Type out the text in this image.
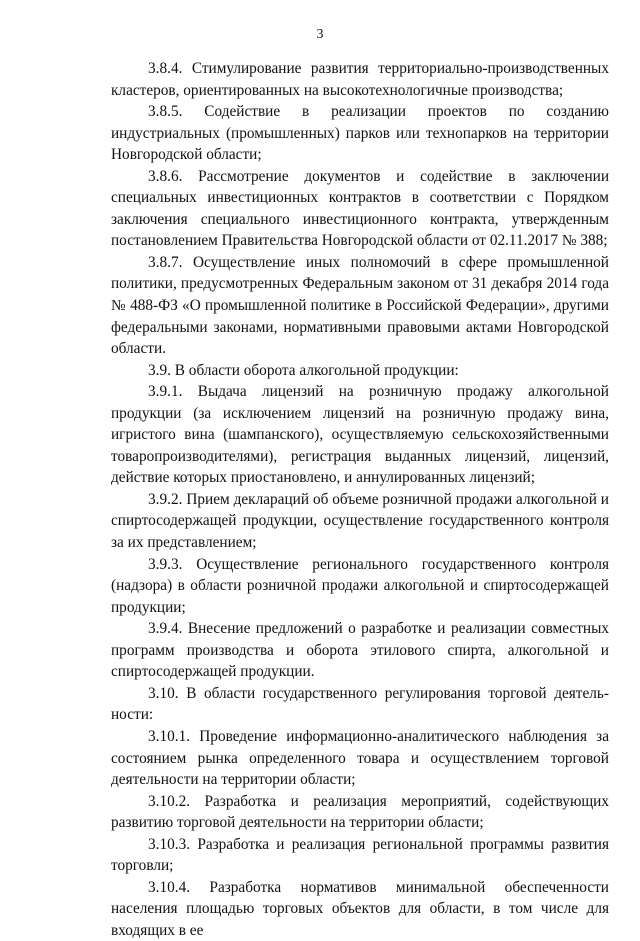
3

3.8.4. Стимулирование развития территориально-производственных кластеров, ориентированных на высокотехнологичные производства;

3.8.5. Содействие в реализации проектов по созданию индустриальных (промышленных) парков или технопарков на территории Новгородской области;

3.8.6. Рассмотрение документов и содействие в заключении специальных инвестиционных контрактов в соответствии с Порядком заключения специального инвестиционного контракта, утвержденным постановлением Правительства Новгородской области от 02.11.2017 № 388;

3.8.7. Осуществление иных полномочий в сфере промышленной политики, предусмотренных Федеральным законом от 31 декабря 2014 года № 488-ФЗ «О промышленной политике в Российской Федерации», другими федеральными законами, нормативными правовыми актами Новгородской области.

3.9. В области оборота алкогольной продукции:

3.9.1. Выдача лицензий на розничную продажу алкогольной продукции (за исключением лицензий на розничную продажу вина, игристого вина (шампанского), осуществляемую сельскохозяйственными товаропроизводителями), регистрация выданных лицензий, лицензий, действие которых приостановлено, и аннулированных лицензий;

3.9.2. Прием деклараций об объеме розничной продажи алкогольной и спиртосодержащей продукции, осуществление государственного контроля за их представлением;

3.9.3. Осуществление регионального государственного контроля (надзора) в области розничной продажи алкогольной и спиртосодержащей продукции;

3.9.4. Внесение предложений о разработке и реализации совместных программ производства и оборота этилового спирта, алкогольной и спиртосодержащей продукции.

3.10. В области государственного регулирования торговой деятельности:

3.10.1. Проведение информационно-аналитического наблюдения за состоянием рынка определенного товара и осуществлением торговой деятельности на территории области;

3.10.2. Разработка и реализация мероприятий, содействующих развитию торговой деятельности на территории области;

3.10.3. Разработка и реализация региональной программы развития торговли;

3.10.4. Разработка нормативов минимальной обеспеченности населения площадью торговых объектов для области, в том числе для входящих в ее
